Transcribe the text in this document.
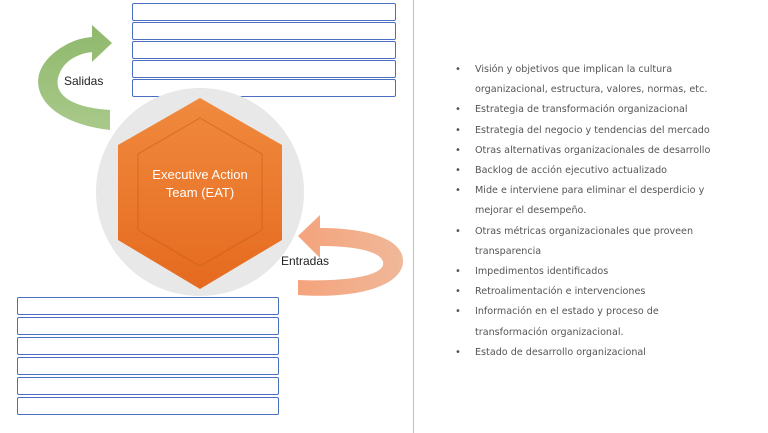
Executive Action
Team (EAT)
Salidas
Entradas
• Visión y objetivos que implican la cultura
organizacional, estructura, valores, normas, etc.
• Estrategia de transformación organizacional
• Estrategia del negocio y tendencias del mercado
• Otras alternativas organizacionales de desarrollo
• Backlog de acción ejecutivo actualizado
• Mide e interviene para eliminar el desperdicio y
mejorar el desempeño.
• Otras métricas organizacionales que proveen
transparencia
• Impedimentos identificados
• Retroalimentación e intervenciones
• Información en el estado y proceso de
transformación organizacional.
• Estado de desarrollo organizacional
